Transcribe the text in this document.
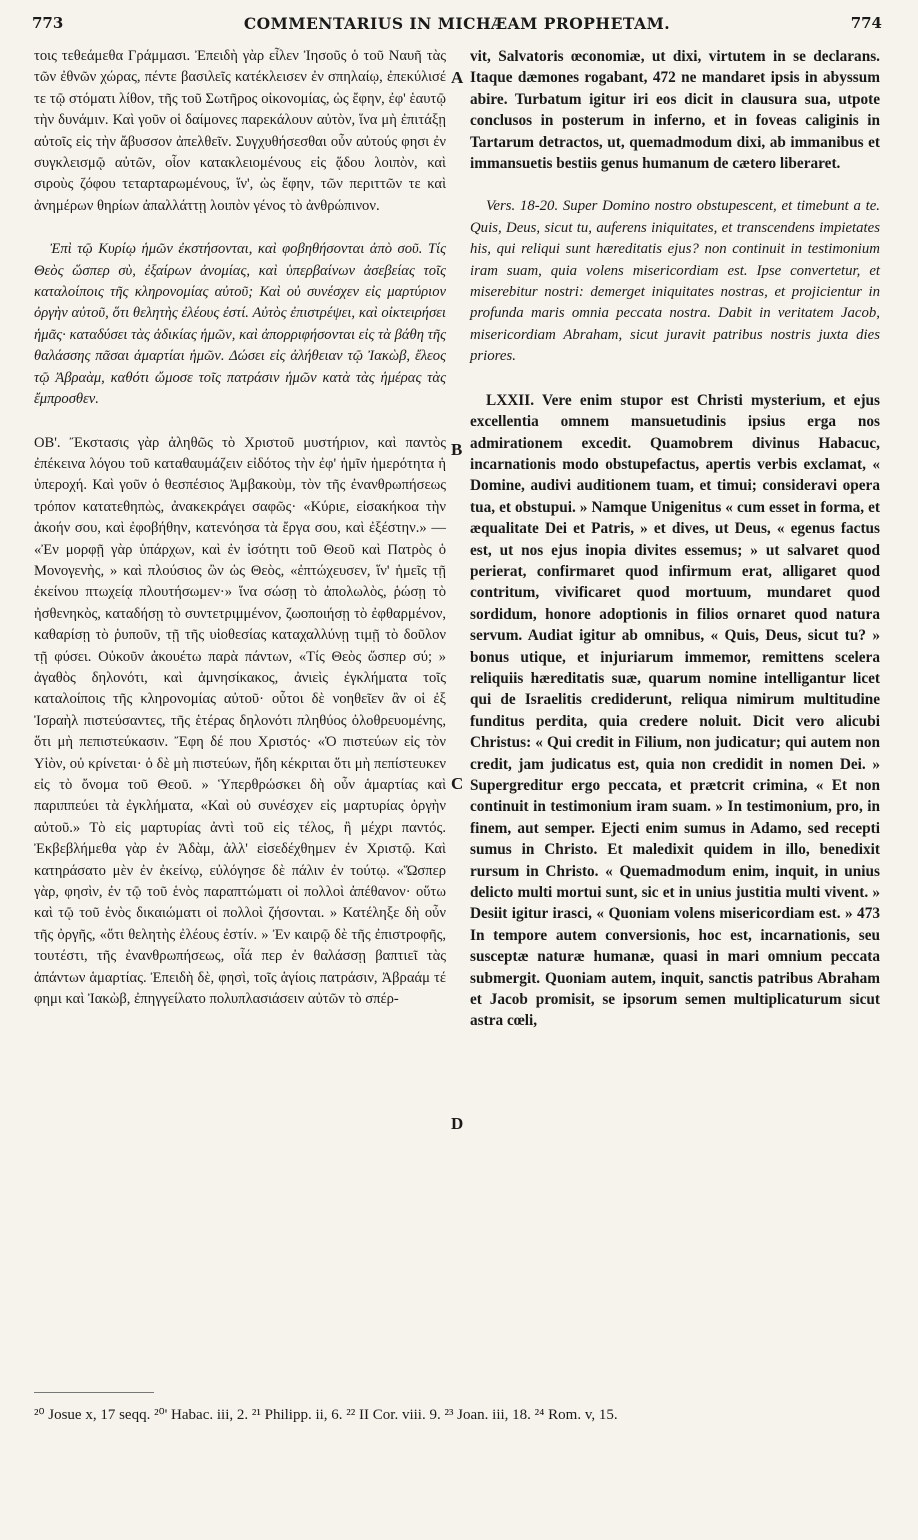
773	COMMENTARIUS IN MICHÆAM PROPHETAM.	774

τοις τεθεάμεθα Γράμμασι. Ἐπειδὴ γὰρ εἶλεν Ἰησοῦς ὁ τοῦ Ναυῆ τὰς τῶν ἐθνῶν χώρας, πέντε βασιλεῖς κατέκλεισεν ἐν σπηλαίῳ, ἐπεκύλισέ τε τῷ στόματι λίθον, τῆς τοῦ Σωτῆρος οἰκονομίας, ὡς ἔφην, ἐφ' ἑαυτῷ τὴν δυνάμιν. Καὶ γοῦν οἱ δαίμονες παρεκάλουν αὐτὸν, ἵνα μὴ ἐπιτάξῃ αὐτοῖς εἰς τὴν ἄβυσσον ἀπελθεῖν. Συγχυθήσεσθαι οὖν αὐτούς φησι ἐν συγκλεισμῷ αὐτῶν, οἷον κατακλειομένους εἰς ᾅδου λοιπὸν, καὶ σιροὺς ζόφου τεταρταρωμένους, ἵν', ὡς ἔφην, τῶν περιττῶν τε καὶ ἀνημέρων θηρίων ἀπαλλάττῃ λοιπὸν γένος τὸ ἀνθρώπινον.

Ἐπὶ τῷ Κυρίῳ ἡμῶν ἐκστήσονται, καὶ φοβηθήσονται ἀπὸ σοῦ. Τίς Θεὸς ὥσπερ σὺ, ἐξαίρων ἀνομίας, καὶ ὑπερβαίνων ἀσεβείας τοῖς καταλοίποις τῆς κληρονομίας αὐτοῦ; Καὶ οὐ συνέσχεν εἰς μαρτύριον ὀργὴν αὐτοῦ, ὅτι θελητὴς ἐλέους ἐστί. Αὐτὸς ἐπιστρέψει, καὶ οἰκτειρήσει ἡμᾶς· καταδύσει τὰς ἀδικίας ἡμῶν, καὶ ἀπορριφήσονται εἰς τὰ βάθη τῆς θαλάσσης πᾶσαι ἁμαρτίαι ἡμῶν. Δώσει εἰς ἀλήθειαν τῷ Ἰακὼβ, ἔλεος τῷ Ἀβραὰμ, καθότι ὤμοσε τοῖς πατράσιν ἡμῶν κατὰ τὰς ἡμέρας τὰς ἔμπροσθεν.

ΟΒ'. Ἔκστασις γὰρ ἀληθῶς τὸ Χριστοῦ μυστήριον, καὶ παντὸς ἐπέκεινα λόγου τοῦ καταθαυμάζειν εἰδότος τὴν ἐφ' ἡμῖν ἡμερότητα ἡ ὑπεροχή. Καὶ γοῦν ὁ θεσπέσιος Ἀμβακοὺμ, τὸν τῆς ἐνανθρωπήσεως τρόπον κατατεθηπὼς, ἀνακεκράγει σαφῶς· «Κύριε, εἰσακήκοα τὴν ἀκοήν σου, καὶ ἐφοβήθην, κατενόησα τὰ ἔργα σου, καὶ ἐξέστην.» — «Ἐν μορφῇ γὰρ ὑπάρχων, καὶ ἐν ἰσότητι τοῦ Θεοῦ καὶ Πατρὸς ὁ Μονογενὴς, » καὶ πλούσιος ὢν ὡς Θεὸς, «ἐπτώχευσεν, ἵν' ἡμεῖς τῇ ἐκείνου πτωχείᾳ πλουτήσωμεν·» ἵνα σώσῃ τὸ ἀπολωλὸς, ῥώσῃ τὸ ἠσθενηκὸς, καταδήσῃ τὸ συντετριμμένον, ζωοποιήσῃ τὸ ἐφθαρμένον, καθαρίσῃ τὸ ῥυποῦν, τῇ τῆς υἱοθεσίας καταχαλλύνῃ τιμῇ τὸ δοῦλον τῇ φύσει. Οὐκοῦν ἀκουέτω παρὰ πάντων, «Τίς Θεὸς ὥσπερ σύ; » ἀγαθὸς δηλονότι, καὶ ἀμνησίκακος, ἀνιεὶς ἐγκλήματα τοῖς καταλοίποις τῆς κληρονομίας αὐτοῦ· οὗτοι δὲ νοηθεῖεν ἂν οἱ ἐξ Ἰσραὴλ πιστεύσαντες, τῆς ἑτέρας δηλονότι πληθύος ὀλοθρευομένης, ὅτι μὴ πεπιστεύκασιν. Ἔφη δέ που Χριστός· «Ὁ πιστεύων εἰς τὸν Υἱὸν, οὐ κρίνεται· ὁ δὲ μὴ πιστεύων, ἤδη κέκριται ὅτι μὴ πεπίστευκεν εἰς τὸ ὄνομα τοῦ Θεοῦ. » Ὑπερθρώσκει δὴ οὖν ἁμαρτίας καὶ παριππεύει τὰ ἐγκλήματα, «Καὶ οὐ συνέσχεν εἰς μαρτυρίας ὀργὴν αὐτοῦ.» Τὸ εἰς μαρτυρίας ἀντὶ τοῦ εἰς τέλος, ἢ μέχρι παντός. Ἐκβεβλήμεθα γὰρ ἐν Ἀδὰμ, ἀλλ' εἰσεδέχθημεν ἐν Χριστῷ. Καὶ κατηράσατο μὲν ἐν ἐκείνῳ, εὐλόγησε δὲ πάλιν ἐν τούτῳ. «Ὥσπερ γὰρ, φησὶν, ἐν τῷ τοῦ ἑνὸς παραπτώματι οἱ πολλοὶ ἀπέθανον· οὕτω καὶ τῷ τοῦ ἑνὸς δικαιώματι οἱ πολλοὶ ζήσονται. » Κατέληξε δὴ οὖν τῆς ὀργῆς, «ὅτι θελητὴς ἐλέους ἐστίν. » Ἐν καιρῷ δὲ τῆς ἐπιστροφῆς, τουτέστι, τῆς ἐνανθρωπήσεως, οἷά περ ἐν θαλάσσῃ βαπτιεῖ τὰς ἁπάντων ἁμαρτίας. Ἐπειδὴ δὲ, φησὶ, τοῖς ἁγίοις πατράσιν, Ἀβραάμ τέ φημι καὶ Ἰακὼβ, ἐπηγγείλατο πολυπλασιάσειν αὐτῶν τὸ σπέρ-

A
B
C
D

vit, Salvatoris œconomiæ, ut dixi, virtutem in se declarans. Itaque dæmones rogabant, 472 ne mandaret ipsis in abyssum abire. Turbatum igitur iri eos dicit in clausura sua, utpote conclusos in posterum in inferno, et in foveas caliginis in Tartarum detractos, ut, quemadmodum dixi, ab immanibus et immansuetis bestiis genus humanum de cætero liberaret.

Vers. 18-20. Super Domino nostro obstupescent, et timebunt a te. Quis, Deus, sicut tu, auferens iniquitates, et transcendens impietates his, qui reliqui sunt hæreditatis ejus? non continuit in testimonium iram suam, quia volens misericordiam est. Ipse convertetur, et miserebitur nostri: demerget iniquitates nostras, et projicientur in profunda maris omnia peccata nostra. Dabit in veritatem Jacob, misericordiam Abraham, sicut juravit patribus nostris juxta dies priores.

LXXII. Vere enim stupor est Christi mysterium, et ejus excellentia omnem mansuetudinis ipsius erga nos admirationem excedit. Quamobrem divinus Habacuc, incarnationis modo obstupefactus, apertis verbis exclamat, « Domine, audivi auditionem tuam, et timui; consideravi opera tua, et obstupui. » Namque Unigenitus « cum esset in forma, et æqualitate Dei et Patris, » et dives, ut Deus, « egenus factus est, ut nos ejus inopia divites essemus; » ut salvaret quod perierat, confirmaret quod infirmum erat, alligaret quod contritum, vivificaret quod mortuum, mundaret quod sordidum, honore adoptionis in filios ornaret quod natura servum. Audiat igitur ab omnibus, « Quis, Deus, sicut tu? » bonus utique, et injuriarum immemor, remittens scelera reliquiis hæreditatis suæ, quarum nomine intelligantur licet qui de Israelitis crediderunt, reliqua nimirum multitudine funditus perdita, quia credere noluit. Dicit vero alicubi Christus: « Qui credit in Filium, non judicatur; qui autem non credit, jam judicatus est, quia non credidit in nomen Dei. » Supergreditur ergo peccata, et prætcrit crimina, « Et non continuit in testimonium iram suam. » In testimonium, pro, in finem, aut semper. Ejecti enim sumus in Adamo, sed recepti sumus in Christo. Et maledixit quidem in illo, benedixit rursum in Christo. « Quemadmodum enim, inquit, in unius delicto multi mortui sunt, sic et in unius justitia multi vivent. » Desiit igitur irasci, « Quoniam volens misericordiam est. » 473 In tempore autem conversionis, hoc est, incarnationis, seu susceptæ naturæ humanæ, quasi in mari omnium peccata submergit. Quoniam autem, inquit, sanctis patribus Abraham et Jacob promisit, se ipsorum semen multiplicaturum sicut astra cœli,

²⁰ Josue x, 17 seqq. ²⁰' Habac. iii, 2. ²¹ Philipp. ii, 6. ²² II Cor. viii. 9. ²³ Joan. iii, 18. ²⁴ Rom. v, 15.
